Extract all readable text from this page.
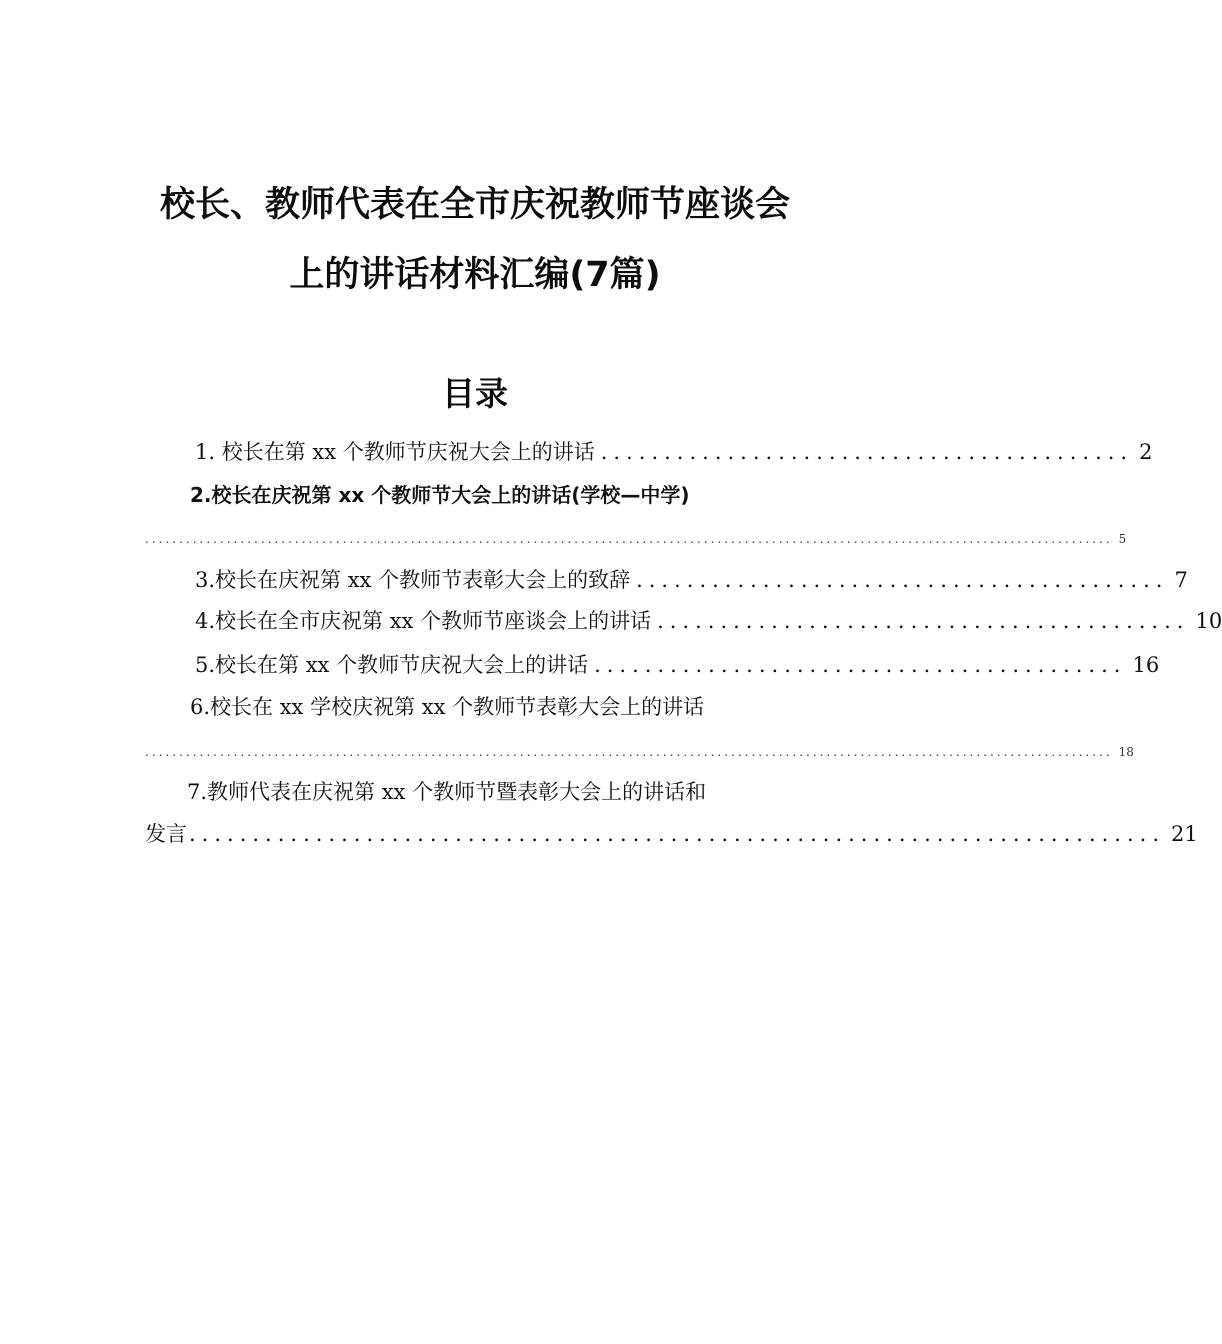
校长、教师代表在全市庆祝教师节座谈会
上的讲话材料汇编(7篇)
目录
1. 校长在第 xx 个教师节庆祝大会上的讲话 .......................................... 2
2.校长在庆祝第 xx 个教师节大会上的讲话(学校—中学)
.............................................................................................................................................. 5
3.校长在庆祝第 xx 个教师节表彰大会上的致辞 .......................................... 7
4.校长在全市庆祝第 xx 个教师节座谈会上的讲话 .......................................... 10
5.校长在第 xx 个教师节庆祝大会上的讲话 .......................................... 16
6.校长在 xx 学校庆祝第 xx 个教师节表彰大会上的讲话
.............................................................................................................................................. 18
7.教师代表在庆祝第 xx 个教师节暨表彰大会上的讲话和
发言 ............................................................................. 21
